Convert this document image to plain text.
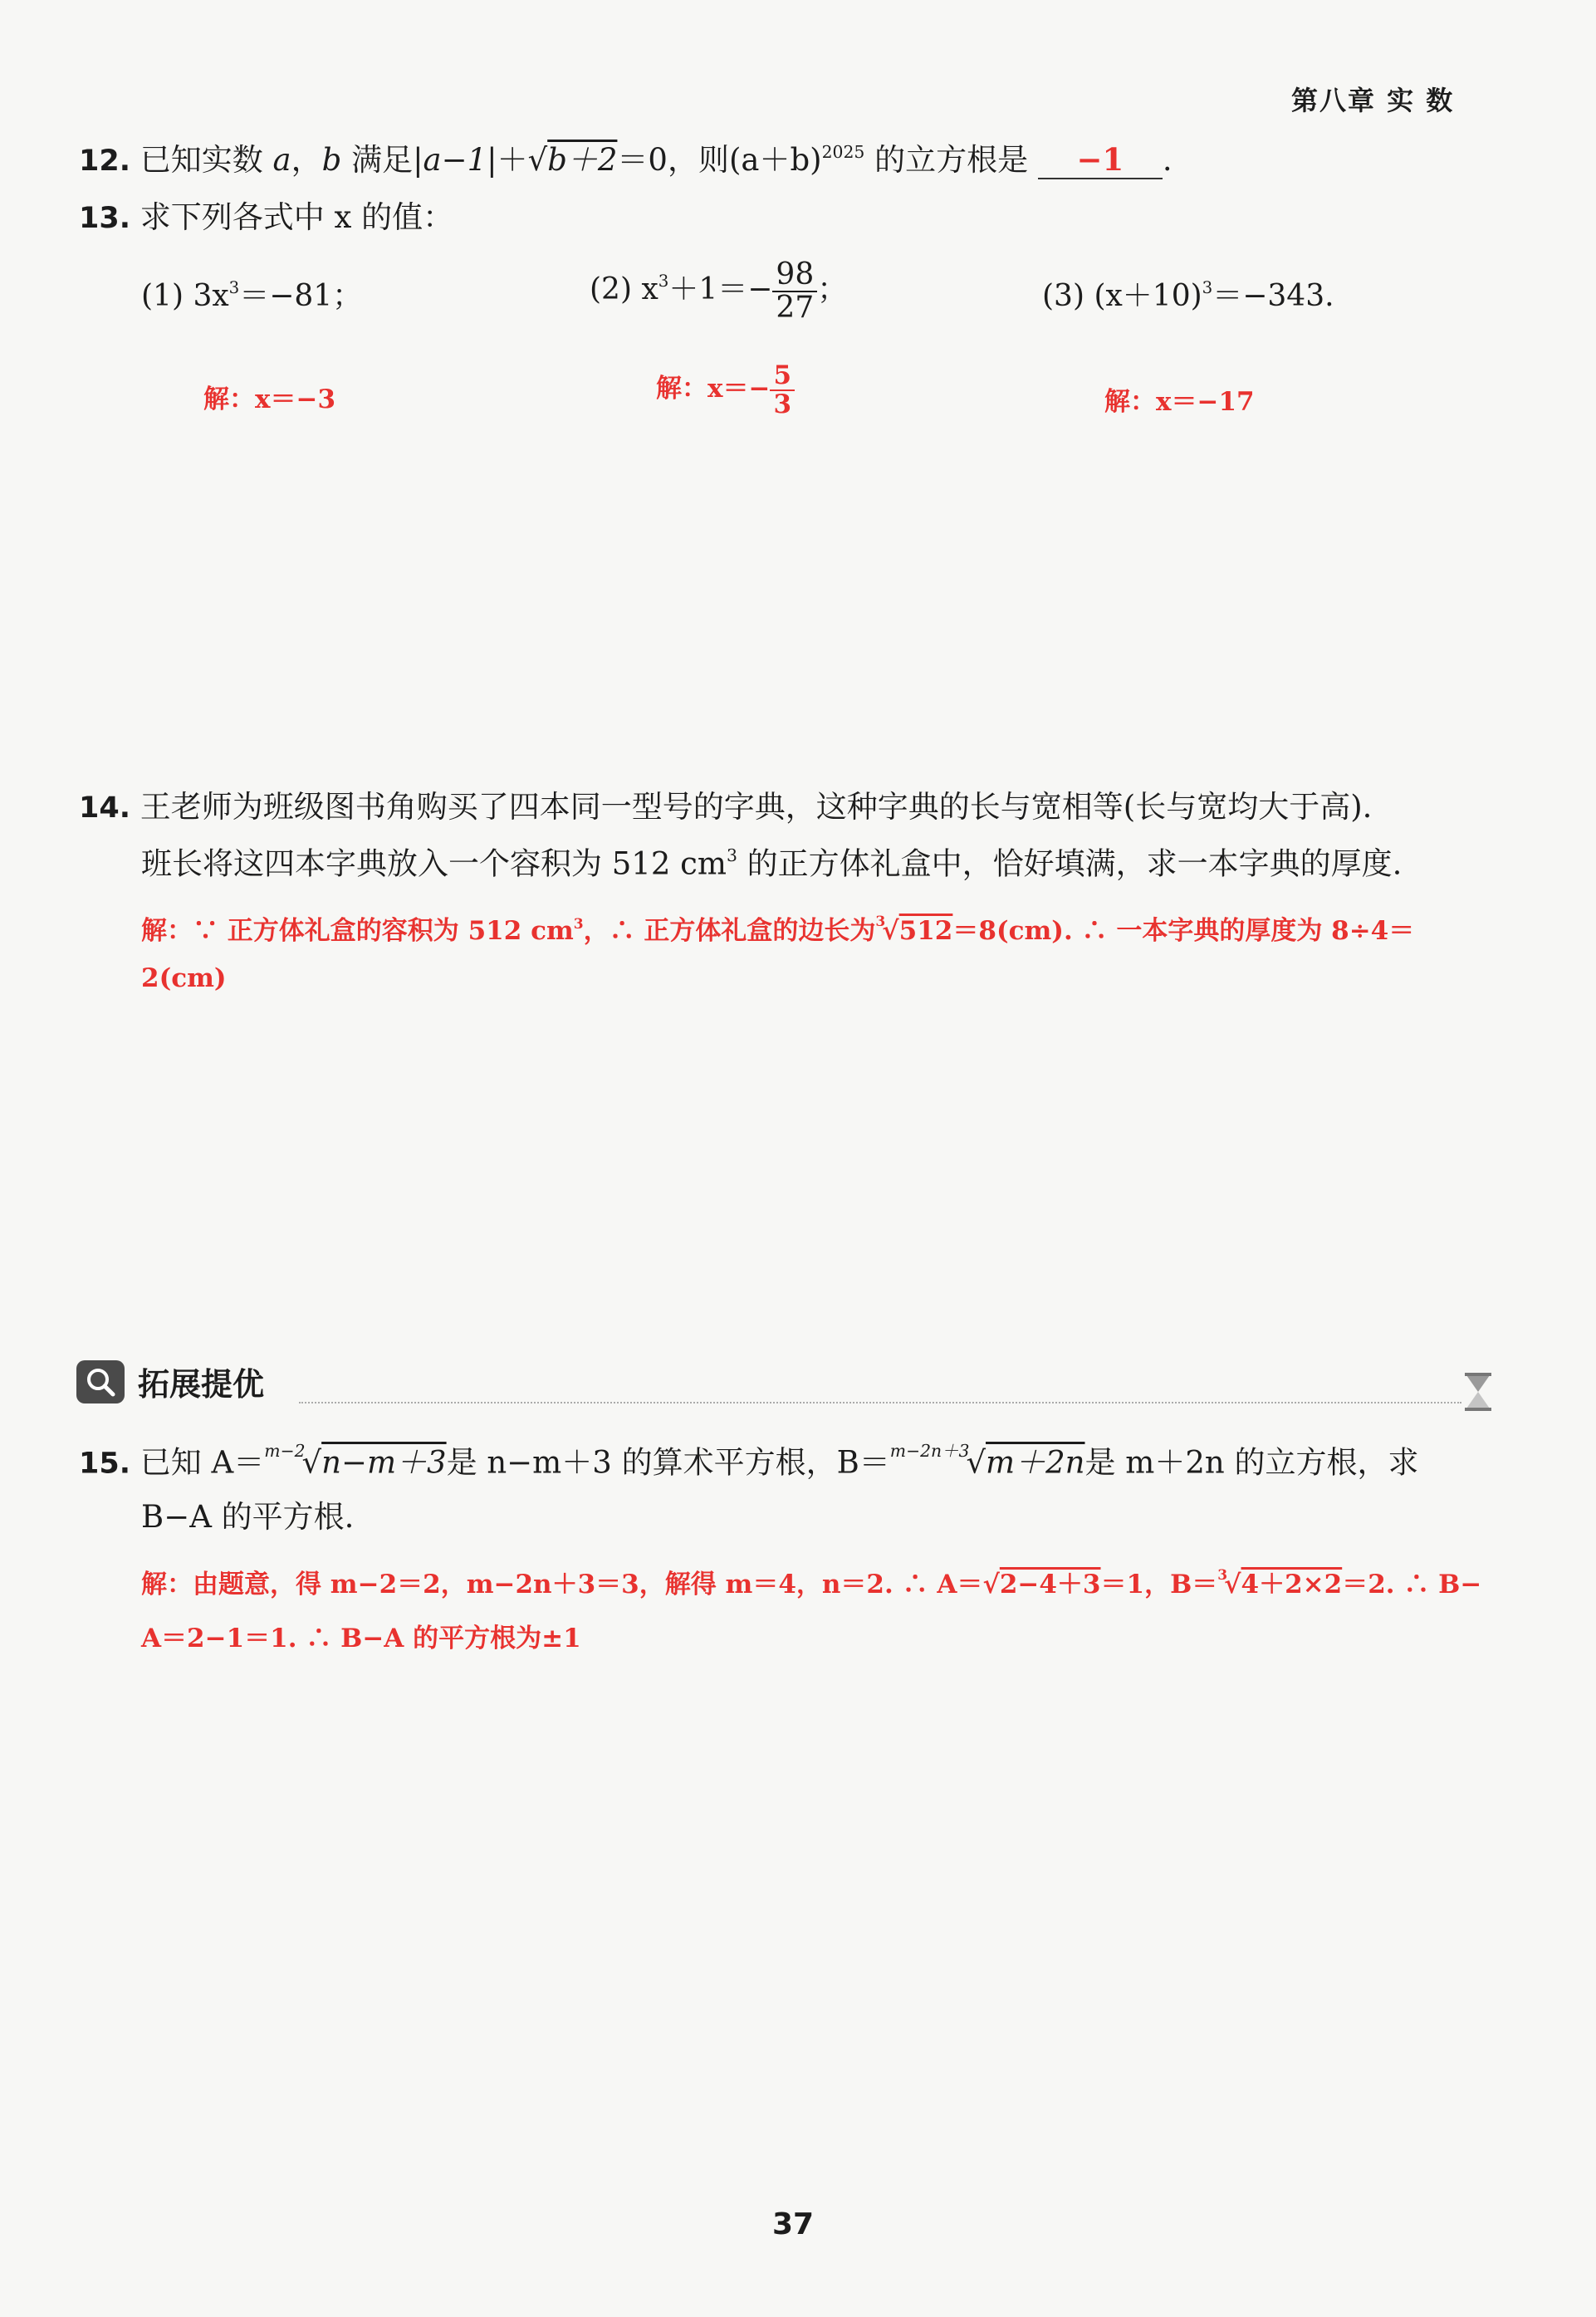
第八章 实 数
12. 已知实数 a，b 满足|a−1|＋√b＋2＝0，则$(a+b)^{2025}$ 的立方根是 −1 .
13. 求下列各式中 x 的值：
(1) $3x^3=-81$；	(2) $x^3+1=- \frac{98}{27}$ ；	(3) $(x+10)^3=-343$.
解：x＝−3	解：$x=- \frac{5}{3}$	解：x＝−17
14. 王老师为班级图书角购买了四本同一型号的字典，这种字典的长与宽相等(长与宽均大于高).
班长将这四本字典放入一个容积为 512 $cm^3$ 的正方体礼盒中，恰好填满，求一本字典的厚度.
解：∵ 正方体礼盒的容积为 512 $cm^3$，∴ 正方体礼盒的边长为$^3$√512＝8(cm). ∴ 一本字典的厚度为 8÷4＝
2(cm)
拓展提优
15. 已知 A＝$^{m-2}$√n−m＋3是 n−m＋3 的算术平方根，B＝$^{m-2n+3}$√m＋2n是 m＋2n 的立方根，求
B−A 的平方根.
解：由题意，得 m−2＝2，m−2n＋3＝3，解得 m＝4，n＝2. ∴ A＝√2−4＋3＝1，B＝$^3$√4＋2×2＝2. ∴ B−
A＝2−1＝1. ∴ B−A 的平方根为±1
37
